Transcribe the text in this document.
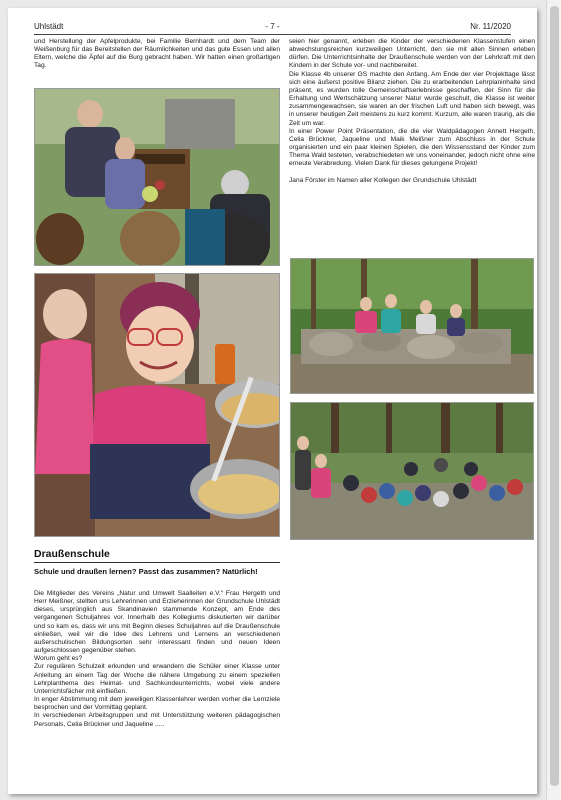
Uhlstädt	- 7 -	Nr. 11/2020

und Herstellung der Apfelprodukte, bei Familie Bernhardt und dem Team der Weißenburg für das Bereitstellen der Räumlichkeiten und das gute Essen und allen Eltern, welche die Äpfel auf die Burg gebracht haben. Wir hatten einen großartigen Tag.

Draußenschule
Schule und draußen lernen? Passt das zusammen? Natürlich!

Die Mitglieder des Vereins „Natur und Umwelt Saalleiten e.V.“ Frau Hergeth und Herr Meißner, stellten uns Lehrerinnen und Erzieherinnen der Grundschule Uhlstädt dieses, ursprünglich aus Skandinavien stammende Konzept, am Ende des vergangenen Schuljahres vor. Innerhalb des Kollegiums diskutierten wir darüber und so kam es, dass wir uns mit Beginn dieses Schuljahres auf die Draußenschule einließen, weil wir die Idee des Lehrens und Lernens an verschiedenen außerschulischen Bildungsorten sehr interessant finden und neuen Ideen aufgeschlossen gegenüber stehen.

Worum geht es?

Zur regulären Schulzeit erkunden und erwandern die Schüler einer Klasse unter Anleitung an einem Tag der Woche die nähere Umgebung zu einem speziellen Lehrplanthema des Heimat- und Sachkundeunterrichts, wobei viele andere Unterrichtsfächer mit einfließen.

In enger Abstimmung mit dem jeweiligen Klassenlehrer werden vorher die Lernziele besprochen und der Vormittag geplant.

In verschiedenen Arbeitsgruppen und mit Unterstützung weiteren pädagogischen Personals, Celia Brückner und Jaqueline .....

seien hier genannt, erleben die Kinder der verschiedenen Klassenstufen einen abwechslungsreichen kurzweiligen Unterricht, den sie mit allen Sinnen erleben dürfen. Die Unterrichtsinhalte der Draußenschule werden von der Lehrkraft mit den Kindern in der Schule vor- und nachbereitet.

Die Klasse 4b unserer GS machte den Anfang. Am Ende der vier Projekttage lässt sich eine äußerst positive Bilanz ziehen. Die zu erarbeitenden Lehrplaninhalte sind präsent, es wurden tolle Gemeinschaftserlebnisse geschaffen, der Sinn für die Erhaltung und Wertschätzung unserer Natur wurde geschult, die Klasse ist weiter zusammengewachsen, sie waren an der frischen Luft und haben sich bewegt, was in unserer heutigen Zeit meistens zu kurz kommt. Kurzum, alle waren traurig, als die Zeit um war.

In einer Power Point Präsentation, die die vier Waldpädagogen Annett Hergeth, Celia Brückner, Jaqueline und Maik Meißner zum Abschluss in der Schule organisierten und ein paar kleinen Spielen, die den Wissensstand der Kinder zum Thema Wald testeten, verabschiedeten wir uns voneinander, jedoch nicht ohne eine erneute Verabredung. Vielen Dank für dieses gelungene Projekt!

Jana Förster im Namen aller Kollegen der Grundschule Uhlstädt
